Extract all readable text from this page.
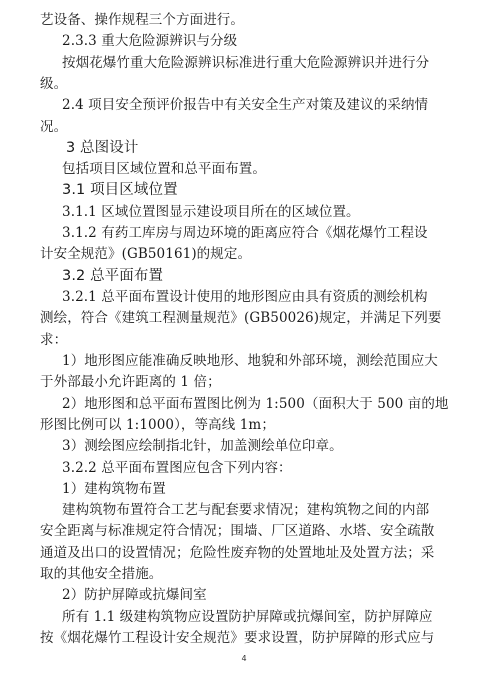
4
艺设备、操作规程三个方面进行。
2.3.3 重大危险源辨识与分级
按烟花爆竹重大危险源辨识标准进行重大危险源辨识并进行分
级。
2.4 项目安全预评价报告中有关安全生产对策及建议的采纳情
况。
3 总图设计
包括项目区域位置和总平面布置。
3.1 项目区域位置
3.1.1 区域位置图显示建设项目所在的区域位置。
3.1.2 有药工库房与周边环境的距离应符合《烟花爆竹工程设
计安全规范》(GB50161)的规定。
3.2 总平面布置
3.2.1 总平面布置设计使用的地形图应由具有资质的测绘机构
测绘，符合《建筑工程测量规范》(GB50026)规定，并满足下列要
求：
1）地形图应能准确反映地形、地貌和外部环境，测绘范围应大
于外部最小允许距离的 1 倍；
2）地形图和总平面布置图比例为 1:500（面积大于 500 亩的地
形图比例可以 1:1000），等高线 1m；
3）测绘图应绘制指北针，加盖测绘单位印章。
3.2.2 总平面布置图应包含下列内容：
1）建构筑物布置
建构筑物布置符合工艺与配套要求情况；建构筑物之间的内部
安全距离与标准规定符合情况；围墙、厂区道路、水塔、安全疏散
通道及出口的设置情况；危险性废弃物的处置地址及处置方法；采
取的其他安全措施。
2）防护屏障或抗爆间室
所有 1.1 级建构筑物应设置防护屏障或抗爆间室，防护屏障应
按《烟花爆竹工程设计安全规范》要求设置，防护屏障的形式应与
